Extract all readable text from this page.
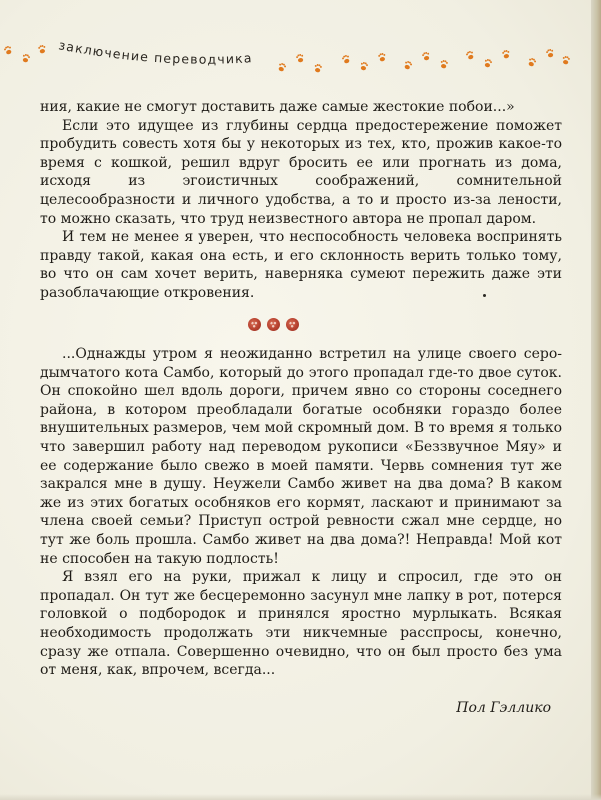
заключение переводчика

ния, какие не смогут доставить даже самые жестокие побои...»

Если это идущее из глубины сердца предостережение поможет пробудить совесть хотя бы у некоторых из тех, кто, прожив какое-то время с кошкой, решил вдруг бросить ее или прогнать из дома, исходя из эгоистичных соображений, сомнительной целесообразности и личного удобства, а то и просто из-за лености, то можно сказать, что труд неизвестного автора не пропал даром.

И тем не менее я уверен, что неспособность человека воспринять правду такой, какая она есть, и его склонность верить только тому, во что он сам хочет верить, наверняка сумеют пережить даже эти разоблачающие откровения.

...Однажды утром я неожиданно встретил на улице своего серо-дымчатого кота Самбо, который до этого пропадал где-то двое суток. Он спокойно шел вдоль дороги, причем явно со стороны соседнего района, в котором преобладали богатые особняки гораздо более внушительных размеров, чем мой скромный дом. В то время я только что завершил работу над переводом рукописи «Беззвучное Мяу» и ее содержание было свежо в моей памяти. Червь сомнения тут же закрался мне в душу. Неужели Самбо живет на два дома? В каком же из этих богатых особняков его кормят, ласкают и принимают за члена своей семьи? Приступ острой ревности сжал мне сердце, но тут же боль прошла. Самбо живет на два дома?! Неправда! Мой кот не способен на такую подлость!

Я взял его на руки, прижал к лицу и спросил, где это он пропадал. Он тут же бесцеремонно засунул мне лапку в рот, потерся головкой о подбородок и принялся яростно мурлыкать. Всякая необходимость продолжать эти никчемные расспросы, конечно, сразу же отпала. Совершенно очевидно, что он был просто без ума от меня, как, впрочем, всегда...

Пол Гэллико
